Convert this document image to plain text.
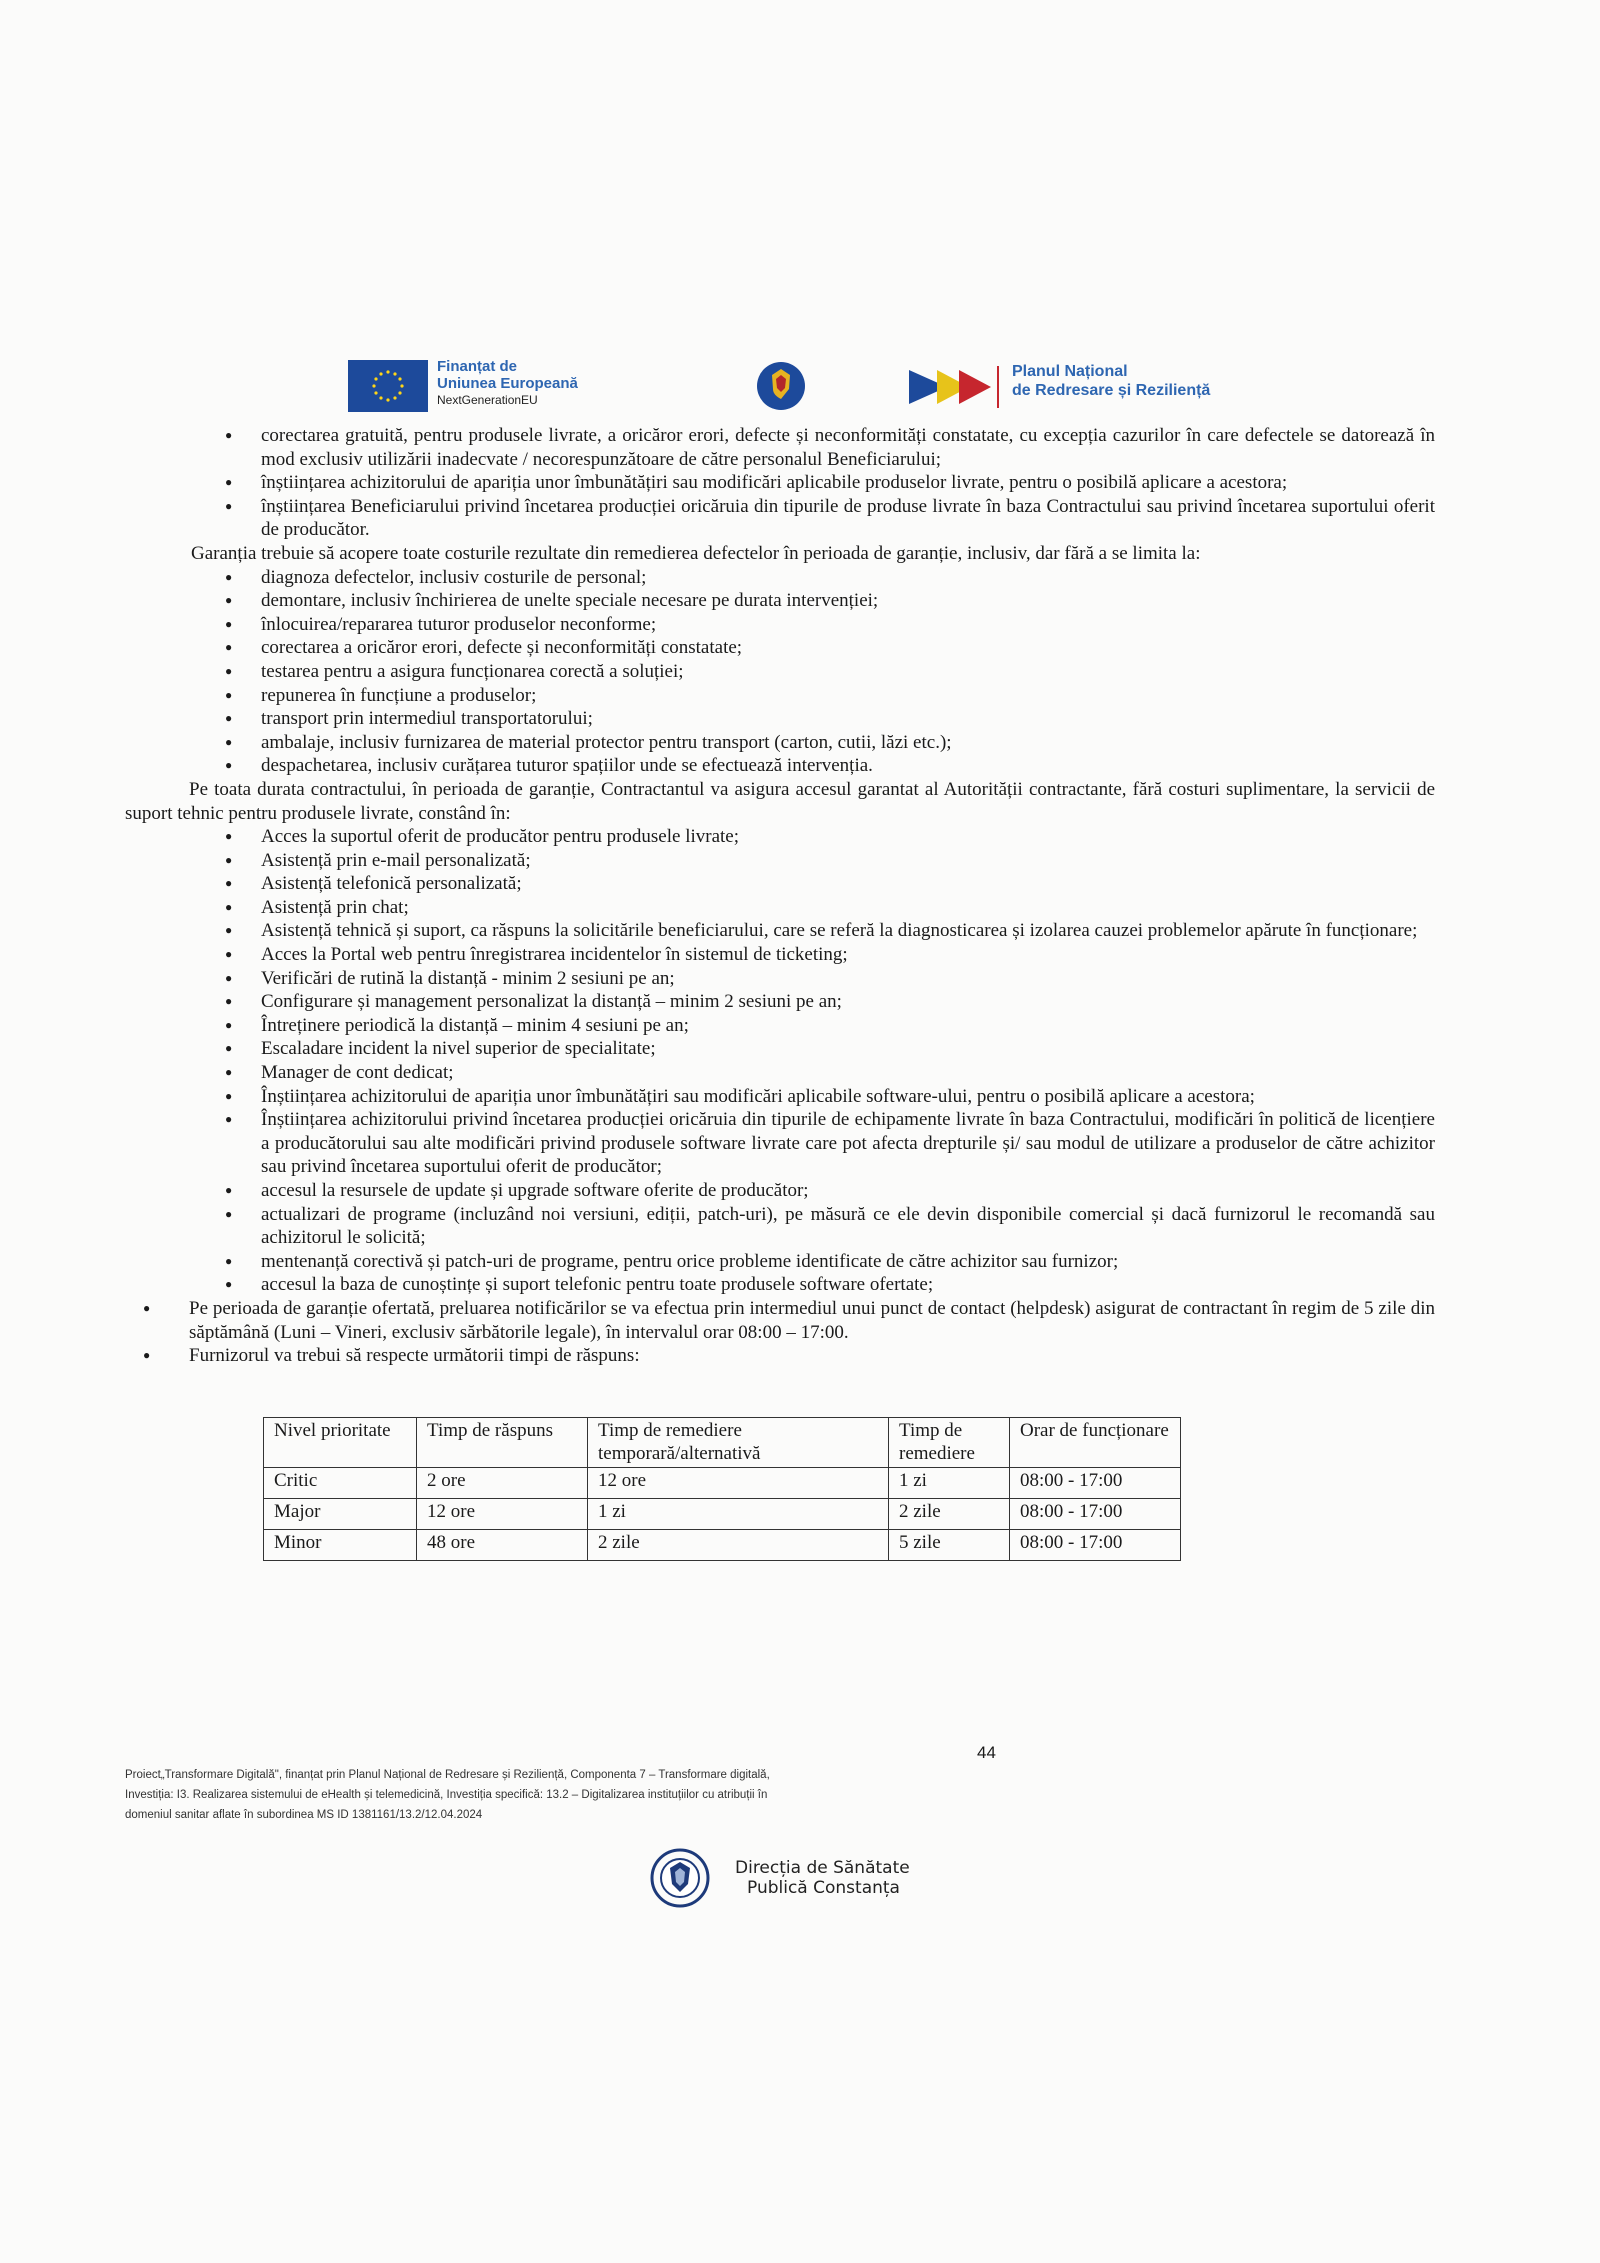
Finanțat de
Uniunea Europeană
NextGenerationEU
Planul Național
de Redresare și Reziliență
● corectarea gratuită, pentru produsele livrate, a oricăror erori, defecte și neconformități constatate, cu excepția cazurilor în care defectele se datorează în mod exclusiv utilizării inadecvate / necorespunzătoare de către personalul Beneficiarului;
● înștiințarea achizitorului de apariția unor îmbunătățiri sau modificări aplicabile produselor livrate, pentru o posibilă aplicare a acestora;
● înștiințarea Beneficiarului privind încetarea producției oricăruia din tipurile de produse livrate în baza Contractului sau privind încetarea suportului oferit de producător.

Garanția trebuie să acopere toate costurile rezultate din remedierea defectelor în perioada de garanție, inclusiv, dar fără a se limita la:

● diagnoza defectelor, inclusiv costurile de personal;
● demontare, inclusiv închirierea de unelte speciale necesare pe durata intervenției;
● înlocuirea/repararea tuturor produselor neconforme;
● corectarea a oricăror erori, defecte și neconformități constatate;
● testarea pentru a asigura funcționarea corectă a soluției;
● repunerea în funcțiune a produselor;
● transport prin intermediul transportatorului;
● ambalaje, inclusiv furnizarea de material protector pentru transport (carton, cutii, lăzi etc.);
● despachetarea, inclusiv curățarea tuturor spațiilor unde se efectuează intervenția.

Pe toata durata contractului, în perioada de garanție, Contractantul va asigura accesul garantat al Autorității contractante, fără costuri suplimentare, la servicii de suport tehnic pentru produsele livrate, constând în:

● Acces la suportul oferit de producător pentru produsele livrate;
● Asistență prin e-mail personalizată;
● Asistență telefonică personalizată;
● Asistență prin chat;
● Asistență tehnică și suport, ca răspuns la solicitările beneficiarului, care se referă la diagnosticarea și izolarea cauzei problemelor apărute în funcționare;
● Acces la Portal web pentru înregistrarea incidentelor în sistemul de ticketing;
● Verificări de rutină la distanță - minim 2 sesiuni pe an;
● Configurare și management personalizat la distanță – minim 2 sesiuni pe an;
● Întreținere periodică la distanță – minim 4 sesiuni pe an;
● Escaladare incident la nivel superior de specialitate;
● Manager de cont dedicat;
● Înștiințarea achizitorului de apariția unor îmbunătățiri sau modificări aplicabile software-ului, pentru o posibilă aplicare a acestora;
● Înștiințarea achizitorului privind încetarea producției oricăruia din tipurile de echipamente livrate în baza Contractului, modificări în politică de licențiere a producătorului sau alte modificări privind produsele software livrate care pot afecta drepturile și/ sau modul de utilizare a produselor de către achizitor sau privind încetarea suportului oferit de producător;
● accesul la resursele de update și upgrade software oferite de producător;
● actualizari de programe (incluzând noi versiuni, ediții, patch-uri), pe măsură ce ele devin disponibile comercial și dacă furnizorul le recomandă sau achizitorul le solicită;
● mentenanță corectivă și patch-uri de programe, pentru orice probleme identificate de către achizitor sau furnizor;
● accesul la baza de cunoștințe și suport telefonic pentru toate produsele software ofertate;
● Pe perioada de garanție ofertată, preluarea notificărilor se va efectua prin intermediul unui punct de contact (helpdesk) asigurat de contractant în regim de 5 zile din săptămână (Luni – Vineri, exclusiv sărbătorile legale), în intervalul orar 08:00 – 17:00.
● Furnizorul va trebui să respecte următorii timpi de răspuns:
Nivel prioritate	Timp de răspuns	Timp de remediere temporară/alternativă	Timp de remediere	Orar de funcționare
Critic	2 ore	12 ore	1 zi	08:00 - 17:00
Major	12 ore	1 zi	2 zile	08:00 - 17:00
Minor	48 ore	2 zile	5 zile	08:00 - 17:00
44
Proiect„Transformare Digitală", finanțat prin Planul Național de Redresare și Reziliență, Componenta 7 – Transformare digitală,
Investiția: I3. Realizarea sistemului de eHealth și telemedicină, Investiția specifică: 13.2 – Digitalizarea instituțiilor cu atribuții în
domeniul sanitar aflate în subordinea MS ID 1381161/13.2/12.04.2024
Direcția de Sănătate
Publică Constanța
